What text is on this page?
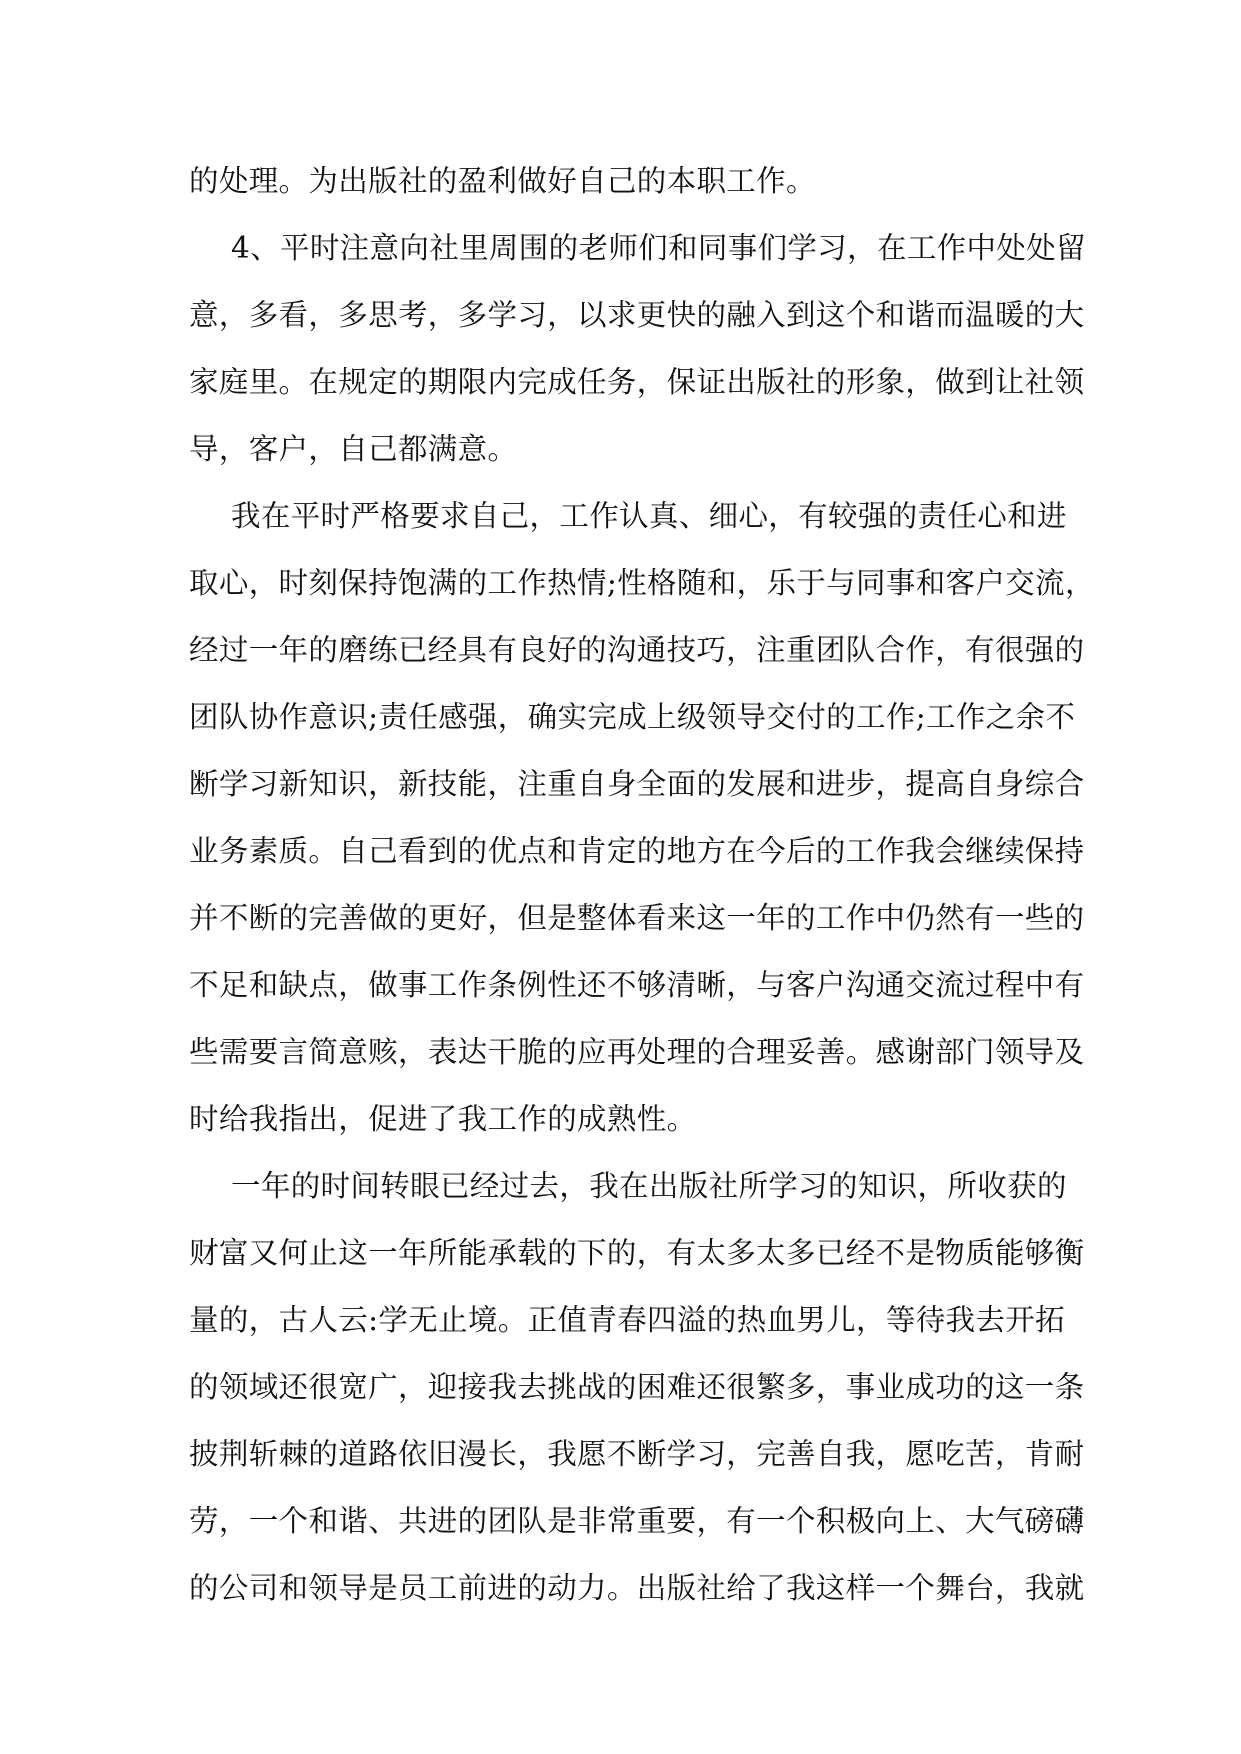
的处理。为出版社的盈利做好自己的本职工作。
4、平时注意向社里周围的老师们和同事们学习，在工作中处处留
意，多看，多思考，多学习，以求更快的融入到这个和谐而温暖的大
家庭里。在规定的期限内完成任务，保证出版社的形象，做到让社领
导，客户，自己都满意。
我在平时严格要求自己，工作认真、细心，有较强的责任心和进
取心，时刻保持饱满的工作热情;性格随和，乐于与同事和客户交流，
经过一年的磨练已经具有良好的沟通技巧，注重团队合作，有很强的
团队协作意识;责任感强，确实完成上级领导交付的工作;工作之余不
断学习新知识，新技能，注重自身全面的发展和进步，提高自身综合
业务素质。自己看到的优点和肯定的地方在今后的工作我会继续保持
并不断的完善做的更好，但是整体看来这一年的工作中仍然有一些的
不足和缺点，做事工作条例性还不够清晰，与客户沟通交流过程中有
些需要言简意赅，表达干脆的应再处理的合理妥善。感谢部门领导及
时给我指出，促进了我工作的成熟性。
一年的时间转眼已经过去，我在出版社所学习的知识，所收获的
财富又何止这一年所能承载的下的，有太多太多已经不是物质能够衡
量的，古人云:学无止境。正值青春四溢的热血男儿，等待我去开拓
的领域还很宽广，迎接我去挑战的困难还很繁多，事业成功的这一条
披荆斩棘的道路依旧漫长，我愿不断学习，完善自我，愿吃苦，肯耐
劳，一个和谐、共进的团队是非常重要，有一个积极向上、大气磅礴
的公司和领导是员工前进的动力。出版社给了我这样一个舞台，我就
